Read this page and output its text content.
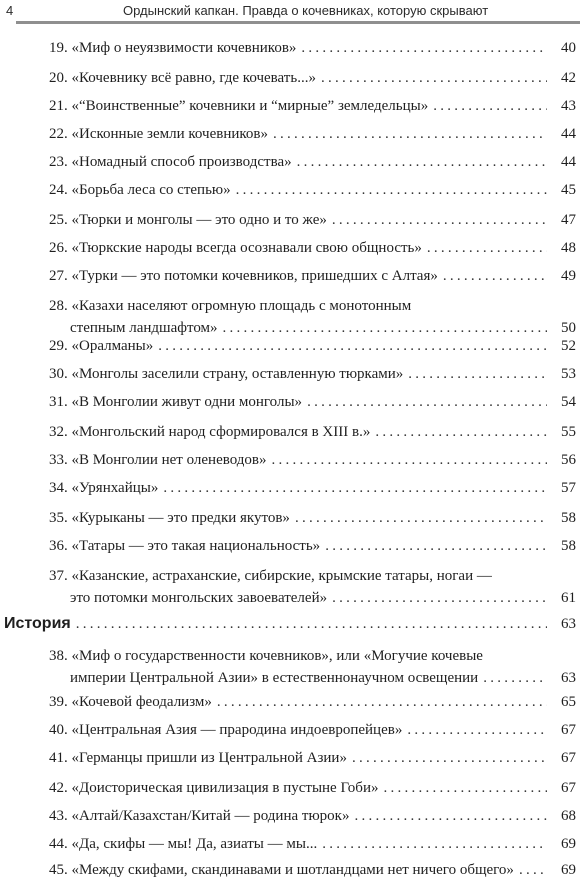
4	Ордынский капкан. Правда о кочевниках, которую скрывают
19. «Миф о неуязвимости кочевников» . . .	40
20. «Кочевнику всё равно, где кочевать...» . . .	42
21. «“Воинственные” кочевники и “мирные” земледельцы» . . .	43
22. «Исконные земли кочевников» . . .	44
23. «Номадный способ производства» . . .	44
24. «Борьба леса со степью» . . .	45
25. «Тюрки и монголы — это одно и то же» . . .	47
26. «Тюркские народы всегда осознавали свою общность» . . .	48
27. «Турки — это потомки кочевников, пришедших с Алтая» . . .	49
28. «Казахи населяют огромную площадь с монотонным
степным ландшафтом» . . .	50
29. «Оралманы» . . .	52
30. «Монголы заселили страну, оставленную тюрками» . . .	53
31. «В Монголии живут одни монголы» . . .	54
32. «Монгольский народ сформировался в XIII в.» . . .	55
33. «В Монголии нет оленеводов» . . .	56
34. «Урянхайцы» . . .	57
35. «Курыканы — это предки якутов» . . .	58
36. «Татары — это такая национальность» . . .	58
37. «Казанские, астраханские, сибирские, крымские татары, ногаи —
это потомки монгольских завоевателей» . . .	61
История . . .	63
38. «Миф о государственности кочевников», или «Могучие кочевые
империи Центральной Азии» в естественнонаучном освещении . . .	63
39. «Кочевой феодализм» . . .	65
40. «Центральная Азия — прародина индоевропейцев» . . .	67
41. «Германцы пришли из Центральной Азии» . . .	67
42. «Доисторическая цивилизация в пустыне Гоби» . . .	67
43. «Алтай/Казахстан/Китай — родина тюрок» . . .	68
44. «Да, скифы — мы! Да, азиаты — мы... . . .	69
45. «Между скифами, скандинавами и шотландцами нет ничего общего» . . .	69
